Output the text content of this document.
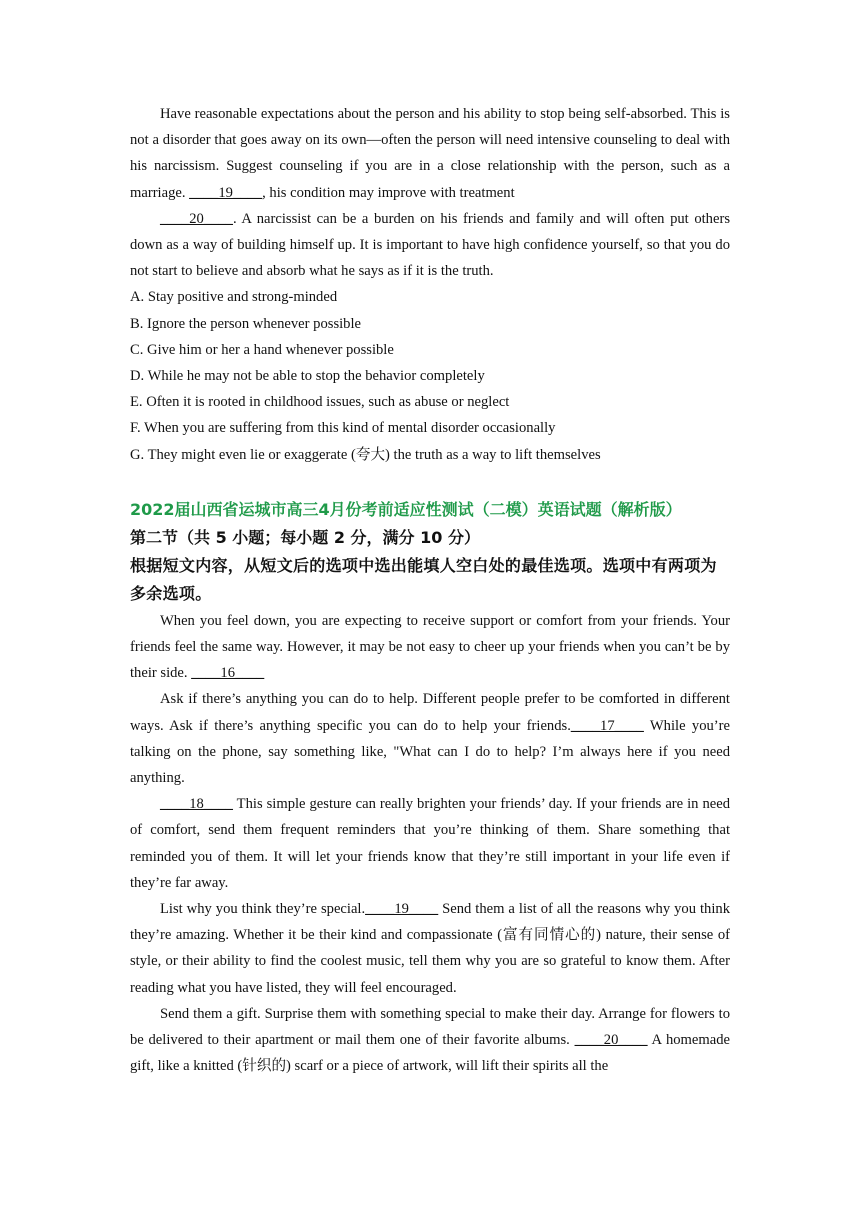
Have reasonable expectations about the person and his ability to stop being self-absorbed. This is not a disorder that goes away on its own—often the person will need intensive counseling to deal with his narcissism. Suggest counseling if you are in a close relationship with the person, such as a marriage. ____19____, his condition may improve with treatment

____20____. A narcissist can be a burden on his friends and family and will often put others down as a way of building himself up. It is important to have high confidence yourself, so that you do not start to believe and absorb what he says as if it is the truth.

A. Stay positive and strong-minded

B. Ignore the person whenever possible

C. Give him or her a hand whenever possible

D. While he may not be able to stop the behavior completely

E. Often it is rooted in childhood issues, such as abuse or neglect

F. When you are suffering from this kind of mental disorder occasionally

G. They might even lie or exaggerate (夸大) the truth as a way to lift themselves

2022届山西省运城市高三4月份考前适应性测试（二模）英语试题（解析版）

第二节（共 5 小题；每小题 2 分，满分 10 分）

根据短文内容，从短文后的选项中选出能填人空白处的最佳选项。选项中有两项为多余选项。

When you feel down, you are expecting to receive support or comfort from your friends. Your friends feel the same way. However, it may be not easy to cheer up your friends when you can’t be by their side. ____16____

Ask if there’s anything you can do to help. Different people prefer to be comforted in different ways. Ask if there’s anything specific you can do to help your friends.____17____ While you’re talking on the phone, say something like, "What can I do to help? I’m always here if you need anything.

____18____ This simple gesture can really brighten your friends’ day. If your friends are in need of comfort, send them frequent reminders that you’re thinking of them. Share something that reminded you of them. It will let your friends know that they’re still important in your life even if they’re far away.

List why you think they’re special.____19____ Send them a list of all the reasons why you think they’re amazing. Whether it be their kind and compassionate (富有同情心的) nature, their sense of style, or their ability to find the coolest music, tell them why you are so grateful to know them. After reading what you have listed, they will feel encouraged.

Send them a gift. Surprise them with something special to make their day. Arrange for flowers to be delivered to their apartment or mail them one of their favorite albums. ____20____ A homemade gift, like a knitted (针织的) scarf or a piece of artwork, will lift their spirits all the
